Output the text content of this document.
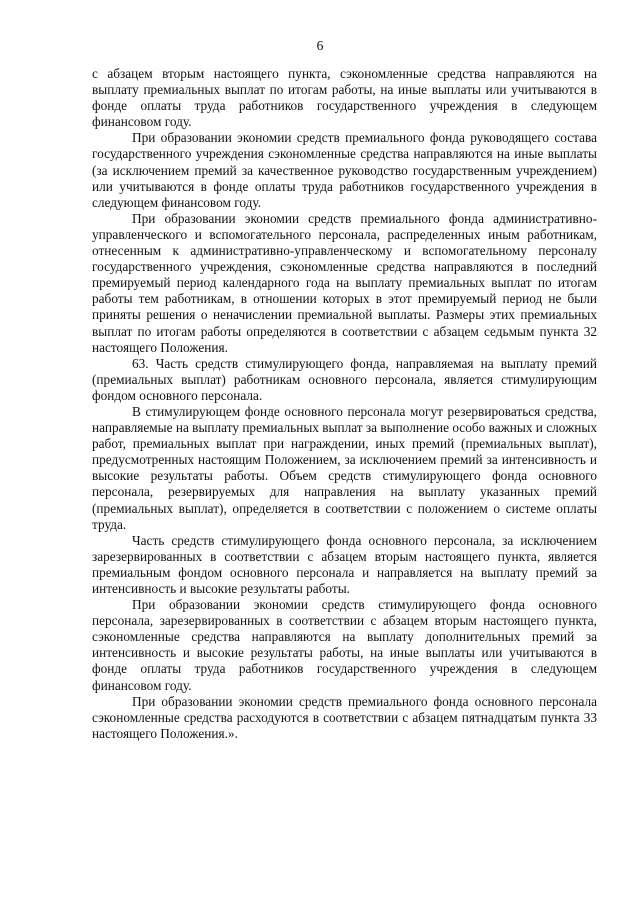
6

с абзацем вторым настоящего пункта, сэкономленные средства направляются на выплату премиальных выплат по итогам работы, на иные выплаты или учитываются в фонде оплаты труда работников государственного учреждения в следующем финансовом году.

При образовании экономии средств премиального фонда руководящего состава государственного учреждения сэкономленные средства направляются на иные выплаты (за исключением премий за качественное руководство государственным учреждением) или учитываются в фонде оплаты труда работников государственного учреждения в следующем финансовом году.

При образовании экономии средств премиального фонда административно-управленческого и вспомогательного персонала, распределенных иным работникам, отнесенным к административно-управленческому и вспомогательному персоналу государственного учреждения, сэкономленные средства направляются в последний премируемый период календарного года на выплату премиальных выплат по итогам работы тем работникам, в отношении которых в этот премируемый период не были приняты решения о неначислении премиальной выплаты. Размеры этих премиальных выплат по итогам работы определяются в соответствии с абзацем седьмым пункта 32 настоящего Положения.

63. Часть средств стимулирующего фонда, направляемая на выплату премий (премиальных выплат) работникам основного персонала, является стимулирующим фондом основного персонала.

В стимулирующем фонде основного персонала могут резервироваться средства, направляемые на выплату премиальных выплат за выполнение особо важных и сложных работ, премиальных выплат при награждении, иных премий (премиальных выплат), предусмотренных настоящим Положением, за исключением премий за интенсивность и высокие результаты работы. Объем средств стимулирующего фонда основного персонала, резервируемых для направления на выплату указанных премий (премиальных выплат), определяется в соответствии с положением о системе оплаты труда.

Часть средств стимулирующего фонда основного персонала, за исключением зарезервированных в соответствии с абзацем вторым настоящего пункта, является премиальным фондом основного персонала и направляется на выплату премий за интенсивность и высокие результаты работы.

При образовании экономии средств стимулирующего фонда основного персонала, зарезервированных в соответствии с абзацем вторым настоящего пункта, сэкономленные средства направляются на выплату дополнительных премий за интенсивность и высокие результаты работы, на иные выплаты или учитываются в фонде оплаты труда работников государственного учреждения в следующем финансовом году.

При образовании экономии средств премиального фонда основного персонала сэкономленные средства расходуются в соответствии с абзацем пятнадцатым пункта 33 настоящего Положения.».
